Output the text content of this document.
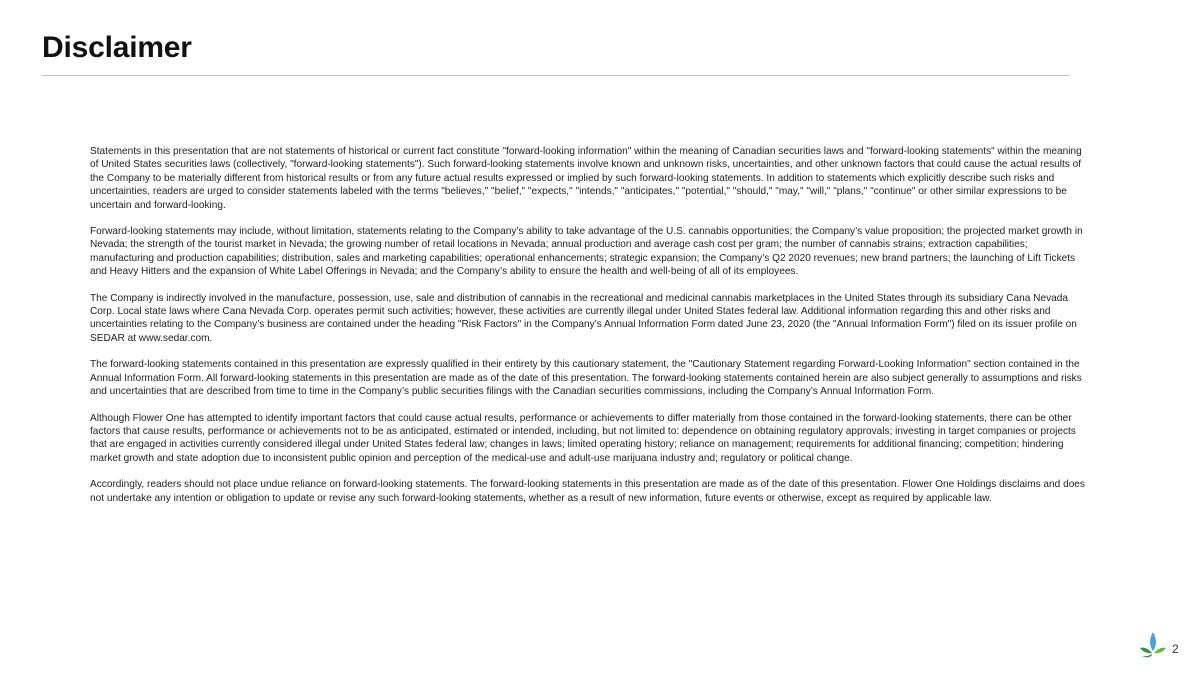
Disclaimer

Statements in this presentation that are not statements of historical or current fact constitute "forward-looking information" within the meaning of Canadian securities laws and "forward-looking statements" within the meaning of United States securities laws (collectively, "forward-looking statements"). Such forward-looking statements involve known and unknown risks, uncertainties, and other unknown factors that could cause the actual results of the Company to be materially different from historical results or from any future actual results expressed or implied by such forward-looking statements. In addition to statements which explicitly describe such risks and uncertainties, readers are urged to consider statements labeled with the terms "believes," "belief," "expects," "intends," "anticipates," "potential," "should," "may," "will," "plans," "continue" or other similar expressions to be uncertain and forward-looking.

Forward-looking statements may include, without limitation, statements relating to the Company’s ability to take advantage of the U.S. cannabis opportunities; the Company’s value proposition; the projected market growth in Nevada; the strength of the tourist market in Nevada; the growing number of retail locations in Nevada; annual production and average cash cost per gram; the number of cannabis strains; extraction capabilities; manufacturing and production capabilities; distribution, sales and marketing capabilities; operational enhancements; strategic expansion; the Company’s Q2 2020 revenues; new brand partners; the launching of Lift Tickets and Heavy Hitters and the expansion of White Label Offerings in Nevada; and the Company’s ability to ensure the health and well-being of all of its employees.

The Company is indirectly involved in the manufacture, possession, use, sale and distribution of cannabis in the recreational and medicinal cannabis marketplaces in the United States through its subsidiary Cana Nevada Corp. Local state laws where Cana Nevada Corp. operates permit such activities; however, these activities are currently illegal under United States federal law. Additional information regarding this and other risks and uncertainties relating to the Company’s business are contained under the heading "Risk Factors" in the Company’s Annual Information Form dated June 23, 2020 (the "Annual Information Form") filed on its issuer profile on SEDAR at www.sedar.com.

The forward-looking statements contained in this presentation are expressly qualified in their entirety by this cautionary statement, the "Cautionary Statement regarding Forward-Looking Information" section contained in the Annual Information Form. All forward-looking statements in this presentation are made as of the date of this presentation. The forward-looking statements contained herein are also subject generally to assumptions and risks and uncertainties that are described from time to time in the Company’s public securities filings with the Canadian securities commissions, including the Company’s Annual Information Form.

Although Flower One has attempted to identify important factors that could cause actual results, performance or achievements to differ materially from those contained in the forward-looking statements, there can be other factors that cause results, performance or achievements not to be as anticipated, estimated or intended, including, but not limited to: dependence on obtaining regulatory approvals; investing in target companies or projects that are engaged in activities currently considered illegal under United States federal law; changes in laws; limited operating history; reliance on management; requirements for additional financing; competition; hindering market growth and state adoption due to inconsistent public opinion and perception of the medical-use and adult-use marijuana industry and; regulatory or political change.

Accordingly, readers should not place undue reliance on forward-looking statements. The forward-looking statements in this presentation are made as of the date of this presentation. Flower One Holdings disclaims and does not undertake any intention or obligation to update or revise any such forward-looking statements, whether as a result of new information, future events or otherwise, except as required by applicable law.

2
